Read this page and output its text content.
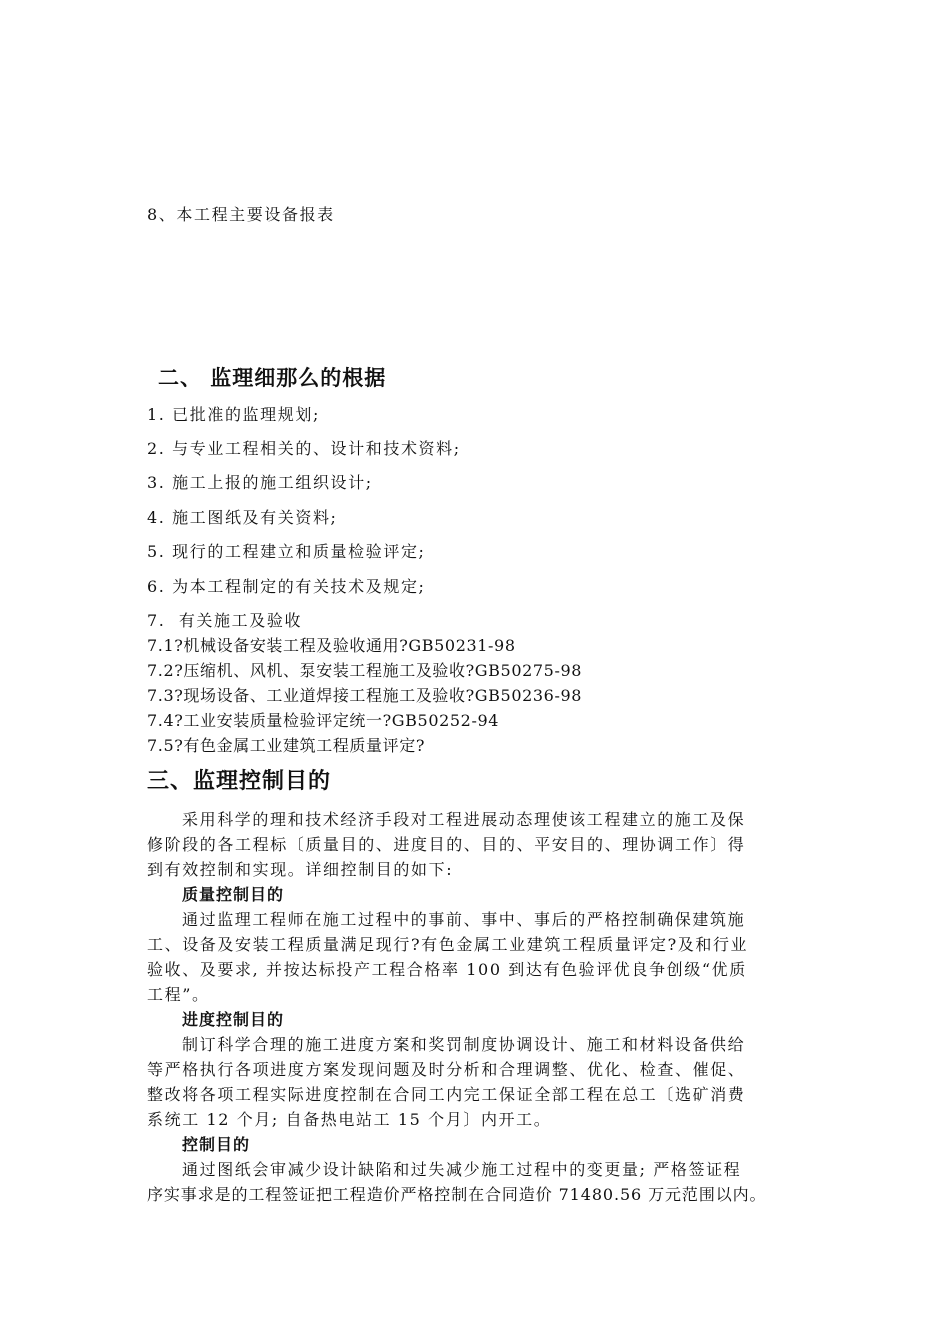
8、本工程主要设备报表
二、 监理细那么的根据
1. 已批准的监理规划;
2. 与专业工程相关的、设计和技术资料;
3. 施工上报的施工组织设计;
4. 施工图纸及有关资料;
5. 现行的工程建立和质量检验评定;
6. 为本工程制定的有关技术及规定;
7.  有关施工及验收
7.1?机械设备安装工程及验收通用?GB50231-98
7.2?压缩机、风机、泵安装工程施工及验收?GB50275-98
7.3?现场设备、工业道焊接工程施工及验收?GB50236-98
7.4?工业安装质量检验评定统一?GB50252-94
7.5?有色金属工业建筑工程质量评定?
三、监理控制目的
采用科学的理和技术经济手段对工程进展动态理使该工程建立的施工及保
修阶段的各工程标〔质量目的、进度目的、目的、平安目的、理协调工作〕得
到有效控制和实现。详细控制目的如下:
质量控制目的
通过监理工程师在施工过程中的事前、事中、事后的严格控制确保建筑施
工、设备及安装工程质量满足现行?有色金属工业建筑工程质量评定?及和行业
验收、及要求, 并按达标投产工程合格率 100 到达有色验评优良争创级“优质
工程”。
进度控制目的
制订科学合理的施工进度方案和奖罚制度协调设计、施工和材料设备供给
等严格执行各项进度方案发现问题及时分析和合理调整、优化、检查、催促、
整改将各项工程实际进度控制在合同工内完工保证全部工程在总工〔选矿消费
系统工 12 个月; 自备热电站工 15 个月〕内开工。
控制目的
通过图纸会审减少设计缺陷和过失减少施工过程中的变更量; 严格签证程
序实事求是的工程签证把工程造价严格控制在合同造价 71480.56 万元范围以内。
